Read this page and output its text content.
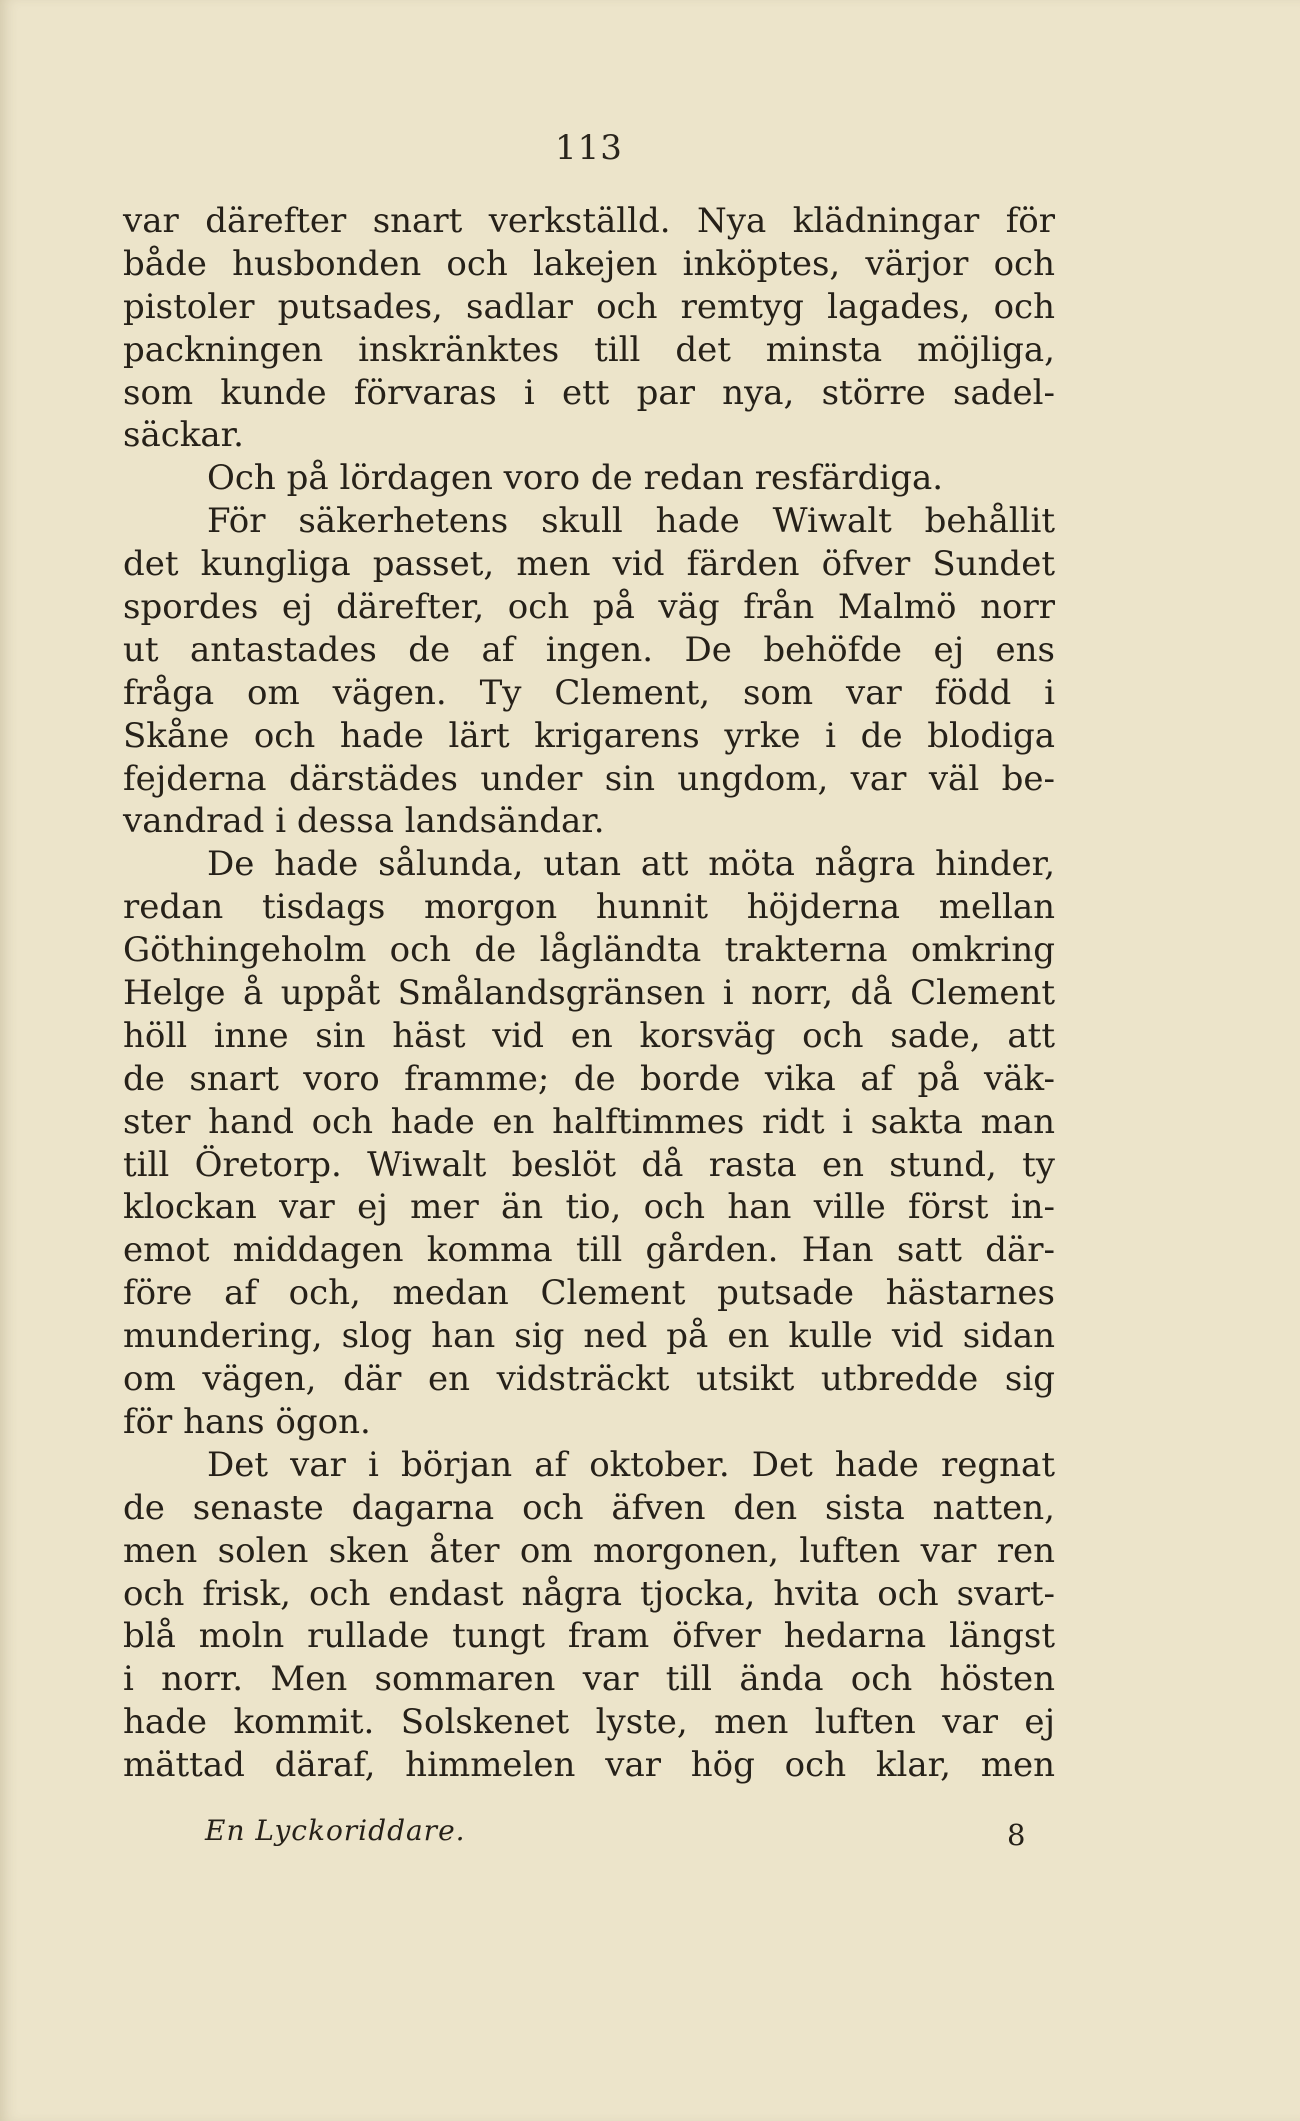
113
var därefter snart verkställd. Nya klädningar för
både husbonden och lakejen inköptes, värjor och
pistoler putsades, sadlar och remtyg lagades, och
packningen inskränktes till det minsta möjliga,
som kunde förvaras i ett par nya, större sadel-
säckar.
Och på lördagen voro de redan resfärdiga.
För säkerhetens skull hade Wiwalt behållit
det kungliga passet, men vid färden öfver Sundet
spordes ej därefter, och på väg från Malmö norr
ut antastades de af ingen. De behöfde ej ens
fråga om vägen. Ty Clement, som var född i
Skåne och hade lärt krigarens yrke i de blodiga
fejderna därstädes under sin ungdom, var väl be-
vandrad i dessa landsändar.
De hade sålunda, utan att möta några hinder,
redan tisdags morgon hunnit höjderna mellan
Göthingeholm och de lågländta trakterna omkring
Helge å uppåt Smålandsgränsen i norr, då Clement
höll inne sin häst vid en korsväg och sade, att
de snart voro framme; de borde vika af på väk-
ster hand och hade en halftimmes ridt i sakta man
till Öretorp. Wiwalt beslöt då rasta en stund, ty
klockan var ej mer än tio, och han ville först in-
emot middagen komma till gården. Han satt där-
före af och, medan Clement putsade hästarnes
mundering, slog han sig ned på en kulle vid sidan
om vägen, där en vidsträckt utsikt utbredde sig
för hans ögon.
Det var i början af oktober. Det hade regnat
de senaste dagarna och äfven den sista natten,
men solen sken åter om morgonen, luften var ren
och frisk, och endast några tjocka, hvita och svart-
blå moln rullade tungt fram öfver hedarna längst
i norr. Men sommaren var till ända och hösten
hade kommit. Solskenet lyste, men luften var ej
mättad däraf, himmelen var hög och klar, men
En Lyckoriddare.	8
